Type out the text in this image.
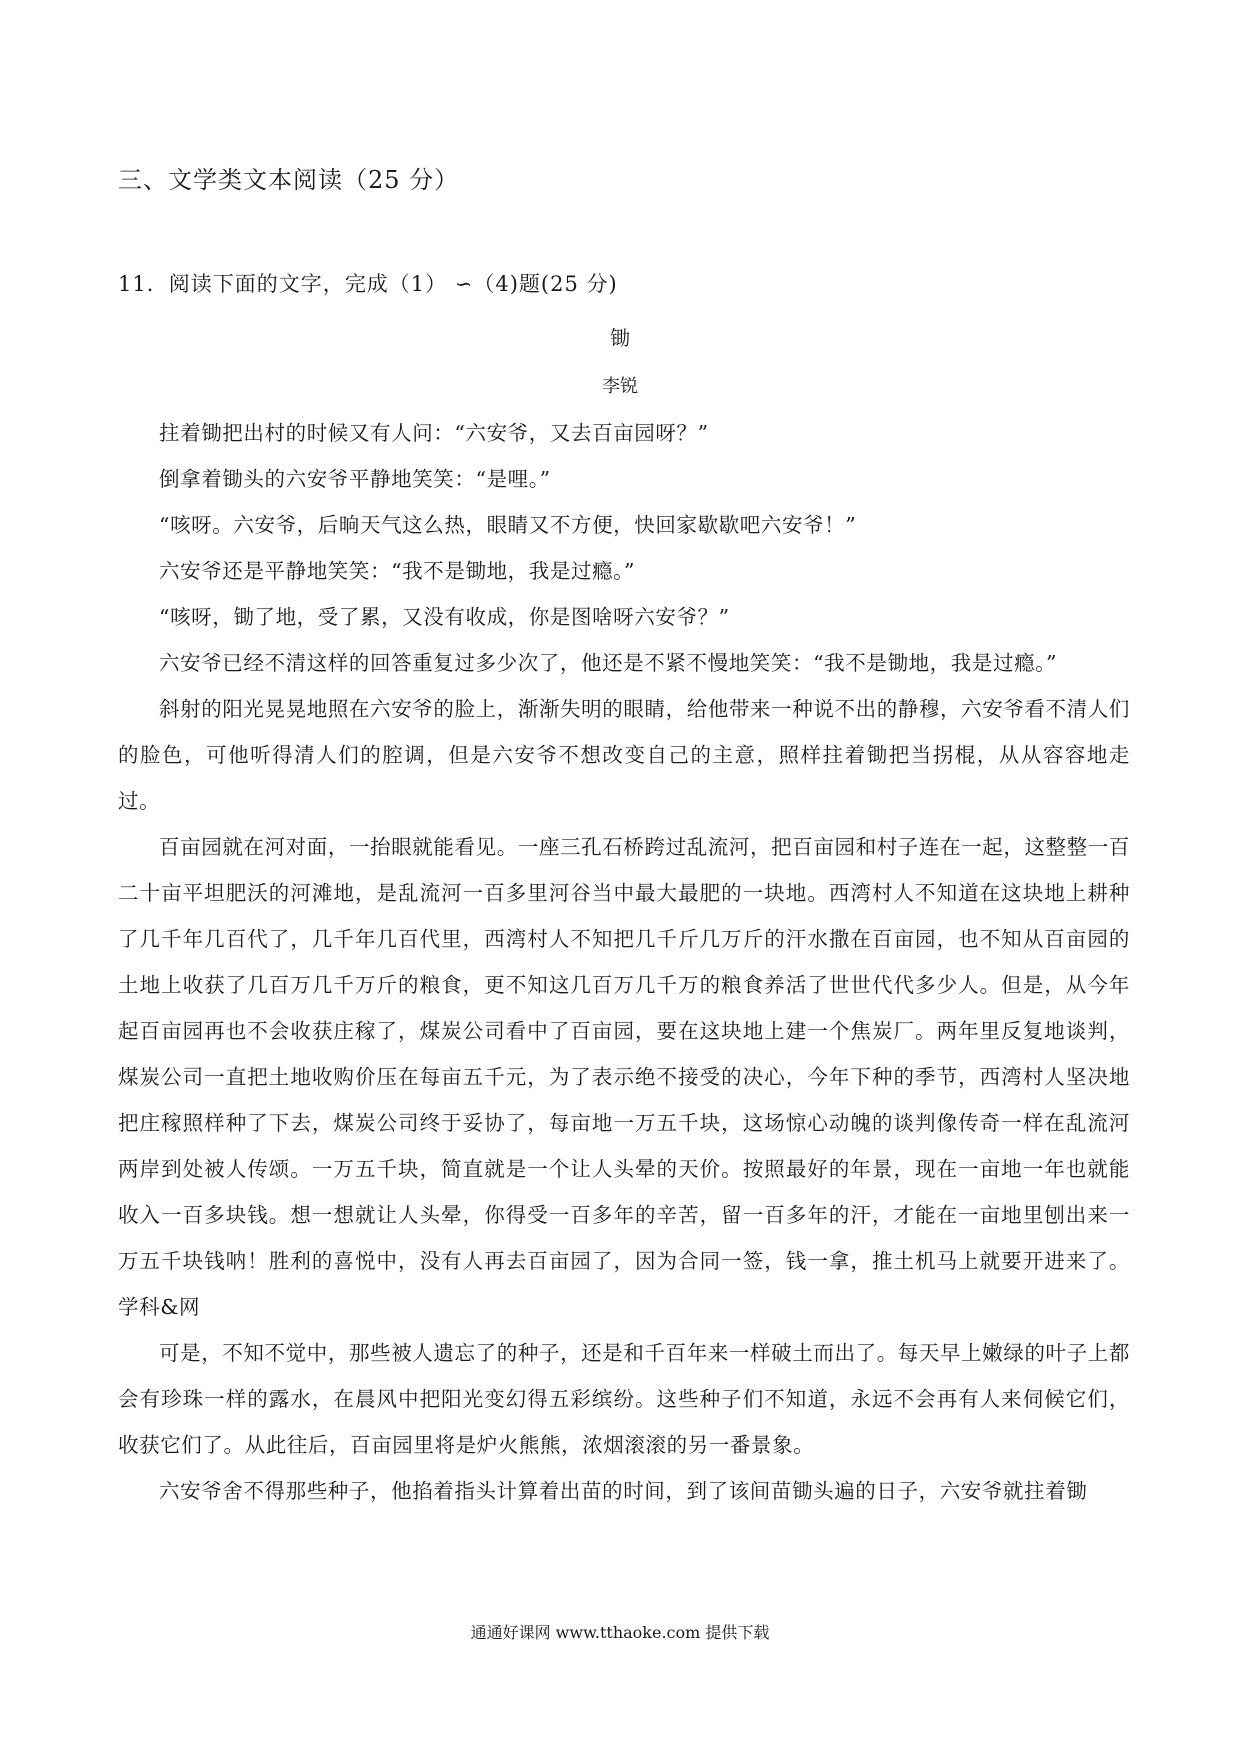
三、文学类文本阅读（25 分）
11．阅读下面的文字，完成（1） ∽（4)题(25 分)
锄
李锐

拄着锄把出村的时候又有人问：“六安爷，又去百亩园呀？”

倒拿着锄头的六安爷平静地笑笑：“是哩。”

“咳呀。六安爷，后晌天气这么热，眼睛又不方便，快回家歇歇吧六安爷！”

六安爷还是平静地笑笑：“我不是锄地，我是过瘾。”

“咳呀，锄了地，受了累，又没有收成，你是图啥呀六安爷？”

六安爷已经不清这样的回答重复过多少次了，他还是不紧不慢地笑笑：“我不是锄地，我是过瘾。”

斜射的阳光晃晃地照在六安爷的脸上，渐渐失明的眼睛，给他带来一种说不出的静穆，六安爷看不清人们的脸色，可他听得清人们的腔调，但是六安爷不想改变自己的主意，照样拄着锄把当拐棍，从从容容地走过。

百亩园就在河对面，一抬眼就能看见。一座三孔石桥跨过乱流河，把百亩园和村子连在一起，这整整一百二十亩平坦肥沃的河滩地，是乱流河一百多里河谷当中最大最肥的一块地。西湾村人不知道在这块地上耕种了几千年几百代了，几千年几百代里，西湾村人不知把几千斤几万斤的汗水撒在百亩园，也不知从百亩园的土地上收获了几百万几千万斤的粮食，更不知这几百万几千万的粮食养活了世世代代多少人。但是，从今年起百亩园再也不会收获庄稼了，煤炭公司看中了百亩园，要在这块地上建一个焦炭厂。两年里反复地谈判，煤炭公司一直把土地收购价压在每亩五千元，为了表示绝不接受的决心，今年下种的季节，西湾村人坚决地把庄稼照样种了下去，煤炭公司终于妥协了，每亩地一万五千块，这场惊心动魄的谈判像传奇一样在乱流河两岸到处被人传颂。一万五千块，简直就是一个让人头晕的天价。按照最好的年景，现在一亩地一年也就能收入一百多块钱。想一想就让人头晕，你得受一百多年的辛苦，留一百多年的汗，才能在一亩地里刨出来一万五千块钱呐！胜利的喜悦中，没有人再去百亩园了，因为合同一签，钱一拿，推土机马上就要开进来了。学科&网

可是，不知不觉中，那些被人遗忘了的种子，还是和千百年来一样破土而出了。每天早上嫩绿的叶子上都会有珍珠一样的露水，在晨风中把阳光变幻得五彩缤纷。这些种子们不知道，永远不会再有人来伺候它们，收获它们了。从此往后，百亩园里将是炉火熊熊，浓烟滚滚的另一番景象。

六安爷舍不得那些种子，他掐着指头计算着出苗的时间，到了该间苗锄头遍的日子，六安爷就拄着锄

通通好课网 www.tthaoke.com 提供下载
